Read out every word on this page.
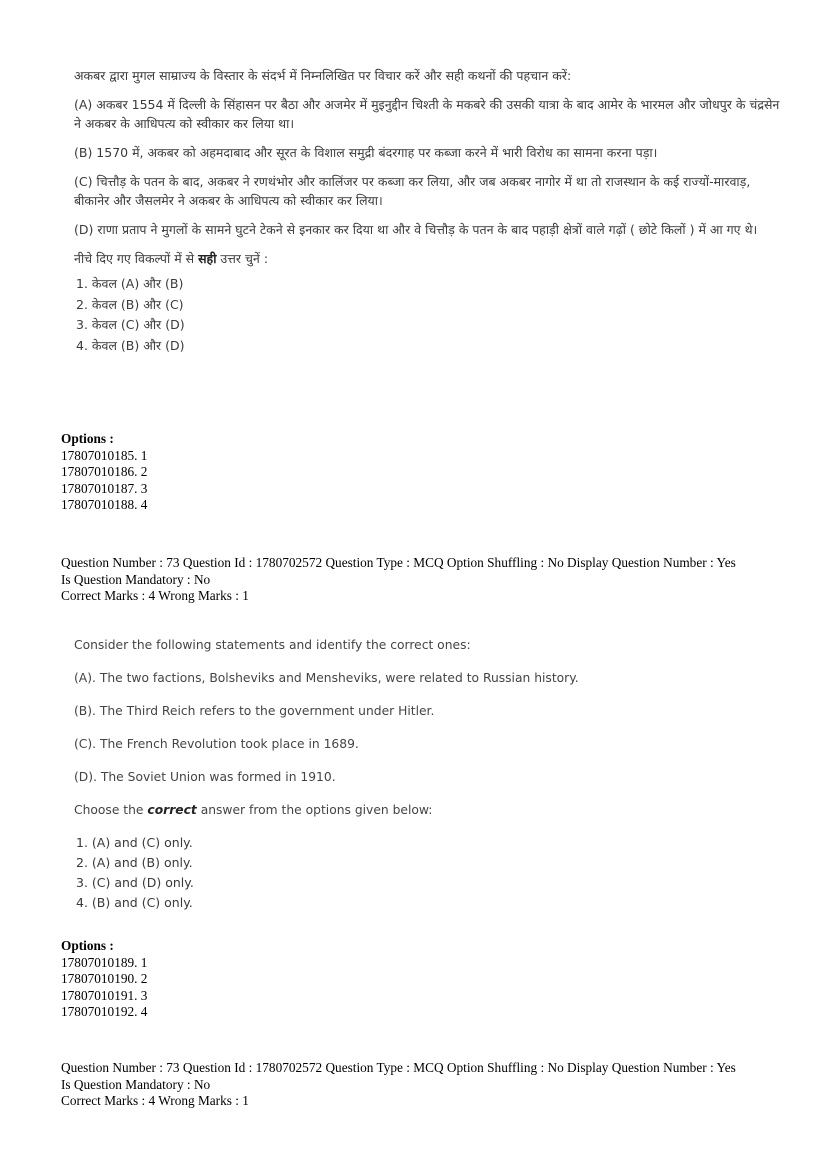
अकबर द्वारा मुगल साम्राज्य के विस्तार के संदर्भ में निम्नलिखित पर विचार करें और सही कथनों की पहचान करें:

(A) अकबर 1554 में दिल्ली के सिंहासन पर बैठा और अजमेर में मुइनुद्दीन चिश्ती के मकबरे की उसकी यात्रा के बाद आमेर के भारमल और जोधपुर के चंद्रसेन ने अकबर के आधिपत्य को स्वीकार कर लिया था।

(B) 1570 में, अकबर को अहमदाबाद और सूरत के विशाल समुद्री बंदरगाह पर कब्जा करने में भारी विरोध का सामना करना पड़ा।

(C) चित्तौड़ के पतन के बाद, अकबर ने रणथंभोर और कालिंजर पर कब्जा कर लिया, और जब अकबर नागोर में था तो राजस्थान के कई राज्यों-मारवाड़, बीकानेर और जैसलमेर ने अकबर के आधिपत्य को स्वीकार कर लिया।

(D) राणा प्रताप ने मुगलों के सामने घुटने टेकने से इनकार कर दिया था और वे चित्तौड़ के पतन के बाद पहाड़ी क्षेत्रों वाले गढ़ों ( छोटे किलों ) में आ गए थे।

नीचे दिए गए विकल्पों में से सही उत्तर चुनें :

1. केवल (A) और (B)
2. केवल (B) और (C)
3. केवल (C) और (D)
4. केवल (B) और (D)
Options :
17807010185. 1
17807010186. 2
17807010187. 3
17807010188. 4
Question Number : 73 Question Id : 1780702572 Question Type : MCQ Option Shuffling : No Display Question Number : Yes
Is Question Mandatory : No
Correct Marks : 4 Wrong Marks : 1

Consider the following statements and identify the correct ones:

(A). The two factions, Bolsheviks and Mensheviks, were related to Russian history.

(B). The Third Reich refers to the government under Hitler.

(C). The French Revolution took place in 1689.

(D). The Soviet Union was formed in 1910.

Choose the correct answer from the options given below:

1. (A) and (C) only.
2. (A) and (B) only.
3. (C) and (D) only.
4. (B) and (C) only.
Options :
17807010189. 1
17807010190. 2
17807010191. 3
17807010192. 4
Question Number : 73 Question Id : 1780702572 Question Type : MCQ Option Shuffling : No Display Question Number : Yes
Is Question Mandatory : No
Correct Marks : 4 Wrong Marks : 1
